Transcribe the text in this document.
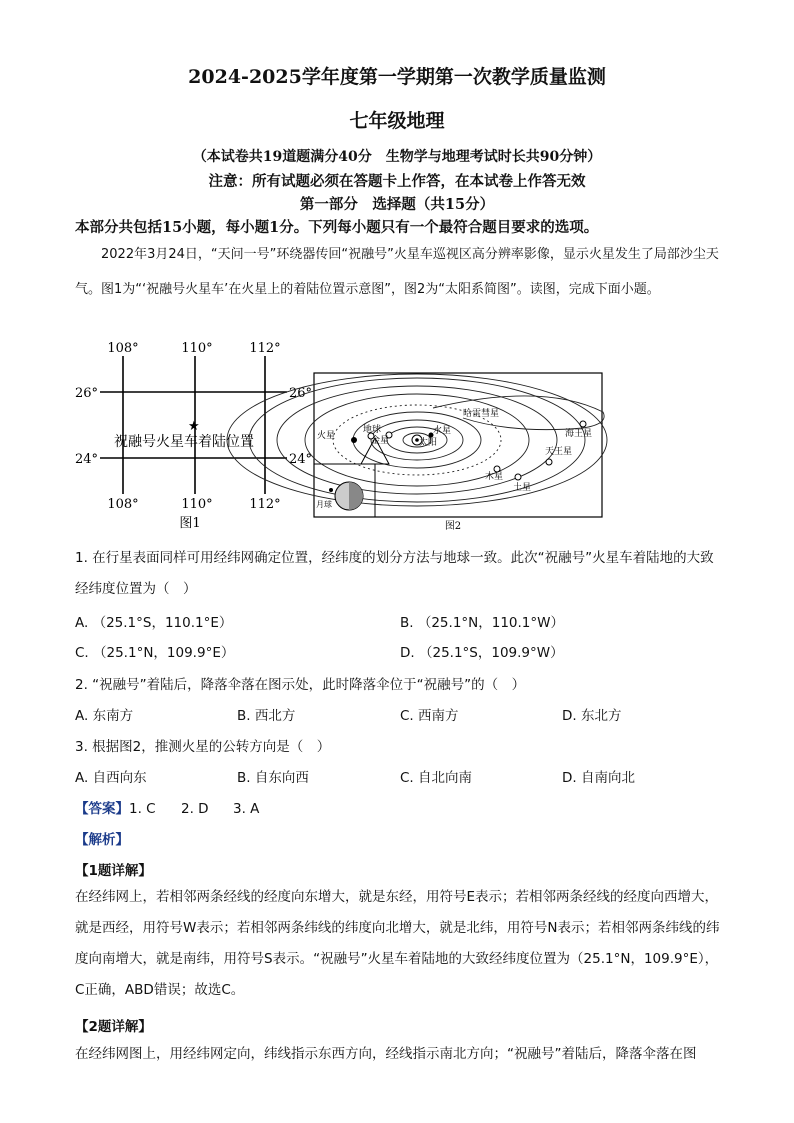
2024-2025学年度第一学期第一次教学质量监测
七年级地理
（本试卷共19道题满分40分　生物学与地理考试时长共90分钟）
注意：所有试题必须在答题卡上作答，在本试卷上作答无效
第一部分　选择题（共15分）
本部分共包括15小题，每小题1分。下列每小题只有一个最符合题目要求的选项。
2022年3月24日，“天问一号”环绕器传回“祝融号”火星车巡视区高分辨率影像，显示火星发生了局部沙尘天气。图1为“‘祝融号火星车’在火星上的着陆位置示意图”，图2为“太阳系简图”。读图，完成下面小题。
108°	110°	112°
108°	110°	112°
26°
24°
26°
24°
★
祝融号火星车着陆位置
图1
火星
地球
金星
水星
太阳
木星
土星
天王星
海王星
哈雷彗星
月球
图2
1. 在行星表面同样可用经纬网确定位置，经纬度的划分方法与地球一致。此次“祝融号”火星车着陆地的大致经纬度位置为（　）
A. （25.1°S，110.1°E）	B. （25.1°N，110.1°W）
C. （25.1°N，109.9°E）	D. （25.1°S，109.9°W）
2. “祝融号”着陆后，降落伞落在图示处，此时降落伞位于“祝融号”的（　）
A. 东南方	B. 西北方	C. 西南方	D. 东北方
3. 根据图2，推测火星的公转方向是（　）
A. 自西向东	B. 自东向西	C. 自北向南	D. 自南向北
【答案】1. C 2. D 3. A
【解析】
【1题详解】
在经纬网上，若相邻两条经线的经度向东增大，就是东经，用符号E表示；若相邻两条经线的经度向西增大，就是西经，用符号W表示；若相邻两条纬线的纬度向北增大，就是北纬，用符号N表示；若相邻两条纬线的纬度向南增大，就是南纬，用符号S表示。“祝融号”火星车着陆地的大致经纬度位置为（25.1°N，109.9°E），C正确，ABD错误；故选C。
【2题详解】
在经纬网图上，用经纬网定向，纬线指示东西方向，经线指示南北方向；“祝融号”着陆后，降落伞落在图
